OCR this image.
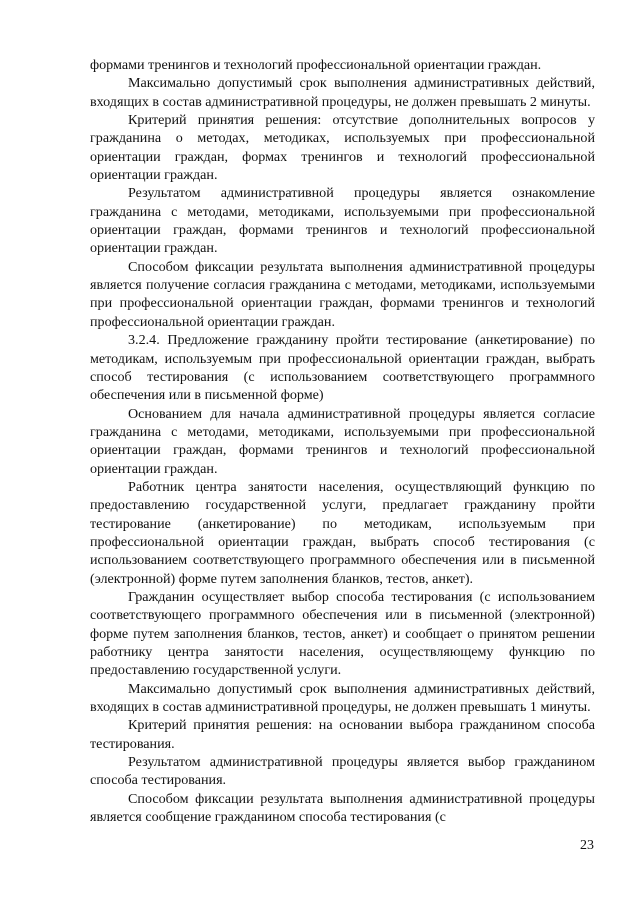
формами тренингов и технологий профессиональной ориентации граждан.

Максимально допустимый срок выполнения административных действий, входящих в состав административной процедуры, не должен превышать 2 минуты.

Критерий принятия решения: отсутствие дополнительных вопросов у гражданина о методах, методиках, используемых при профессиональной ориентации граждан, формах тренингов и технологий профессиональной ориентации граждан.

Результатом административной процедуры является ознакомление гражданина с методами, методиками, используемыми при профессиональной ориентации граждан, формами тренингов и технологий профессиональной ориентации граждан.

Способом фиксации результата выполнения административной процедуры является получение согласия гражданина с методами, методиками, используемыми при профессиональной ориентации граждан, формами тренингов и технологий профессиональной ориентации граждан.

3.2.4. Предложение гражданину пройти тестирование (анкетирование) по методикам, используемым при профессиональной ориентации граждан, выбрать способ тестирования (с использованием соответствующего программного обеспечения или в письменной форме)

Основанием для начала административной процедуры является согласие гражданина с методами, методиками, используемыми при профессиональной ориентации граждан, формами тренингов и технологий профессиональной ориентации граждан.

Работник центра занятости населения, осуществляющий функцию по предоставлению государственной услуги, предлагает гражданину пройти тестирование (анкетирование) по методикам, используемым при профессиональной ориентации граждан, выбрать способ тестирования (с использованием соответствующего программного обеспечения или в письменной (электронной) форме путем заполнения бланков, тестов, анкет).

Гражданин осуществляет выбор способа тестирования (с использованием соответствующего программного обеспечения или в письменной (электронной) форме путем заполнения бланков, тестов, анкет) и сообщает о принятом решении работнику центра занятости населения, осуществляющему функцию по предоставлению государственной услуги.

Максимально допустимый срок выполнения административных действий, входящих в состав административной процедуры, не должен превышать 1 минуты.

Критерий принятия решения: на основании выбора гражданином способа тестирования.

Результатом административной процедуры является выбор гражданином способа тестирования.

Способом фиксации результата выполнения административной процедуры является сообщение гражданином способа тестирования (с

23
